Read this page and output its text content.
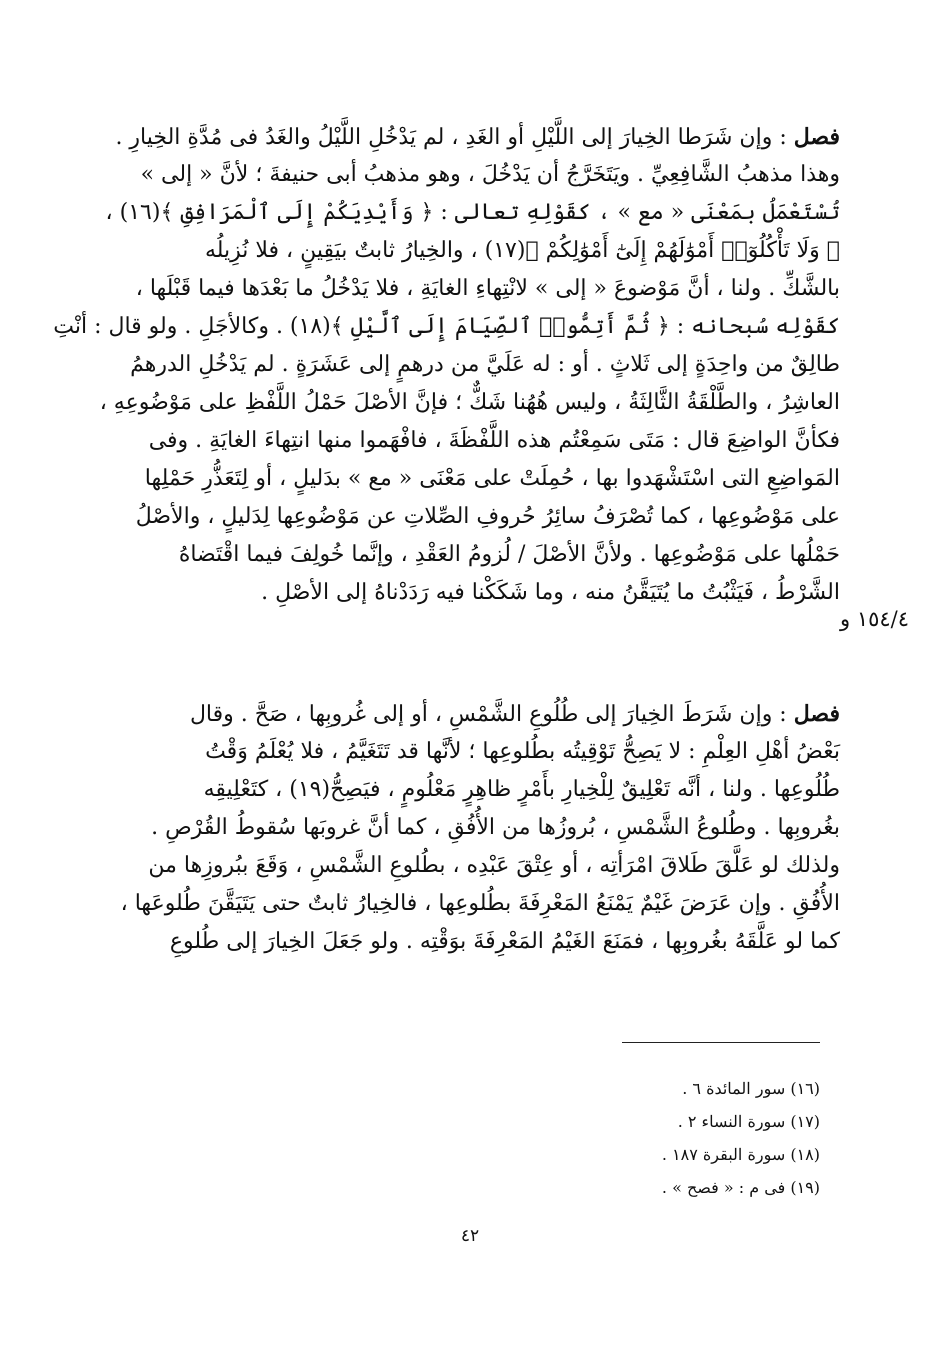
فصل : وإن شَرَطا الخِيارَ إلى اللَّيْلِ أو الغَدِ ، لم يَدْخُلِ اللَّيْلُ والغَدُ فى مُدَّةِ الخِيارِ .
وهذا مذهبُ الشَّافِعِيِّ . ويَتَخَرَّجُ أن يَدْخُلَ ، وهو مذهبُ أبى حنيفةَ ؛ لأنَّ « إلى »
تُسْتَعْمَلُ بمَعْنَى « مع » ، كقَوْلِهِ تعالى : ﴿ وَأَيْدِيَكُمْ إِلَى ٱلْمَرَافِقِ ﴾(١٦) ،
﴿ وَلَا تَأْكُلُوٓا۟ أَمْوَٰلَهُمْ إِلَىٰٓ أَمْوَٰلِكُمْ ﴾(١٧) ، والخِيارُ ثابتٌ بيَقِينٍ ، فلا نُزِيلُه
بالشَّكِّ . ولنا ، أنَّ مَوْضوعَ « إلى » لانْتِهاءِ الغايَةِ ، فلا يَدْخُلُ ما بَعْدَها فيما قَبْلَها ،
كقَوْلِه سُبحانه : ﴿ ثُمَّ أَتِمُّوا۟ ٱلصِّيَامَ إِلَى ٱلَّيْلِ ﴾(١٨) . وكالأجَلِ . ولو قال : أنْتِ
طالِقٌ من واحِدَةٍ إلى ثَلاثٍ . أو : له عَلَيَّ من درهمٍ إلى عَشَرَةٍ . لم يَدْخُلِ الدرهمُ
العاشِرُ ، والطَّلْقَةُ الثَّالِثَةُ ، وليس هُهُنا شَكٌّ ؛ فإنَّ الأصْلَ حَمْلُ اللَّفْظِ على مَوْضُوعِهِ ،
فكأنَّ الواضِعَ قال : مَتَى سَمِعْتُم هذه اللَّفْظَةَ ، فافْهَموا منها انتِهاءَ الغايَةِ . وفى
المَواضِعِ التى اسْتَشْهَدوا بها ، حُمِلَتْ على مَعْنَى « مع » بدَليلٍ ، أو لِتَعَذُّرِ حَمْلِها
على مَوْضُوعِها ، كما تُصْرَفُ سائِرُ حُروفِ الصِّلاتِ عن مَوْضُوعِها لِدَليلٍ ، والأصْلُ
حَمْلُها على مَوْضُوعِها . ولأنَّ الأصْلَ / لُزومُ العَقْدِ ، وإنَّما خُولِفَ فيما اقْتَضاهُ
الشَّرْطُ ، فَيَثْبُتُ ما يُتَيَقَّنُ منه ، وما شَكَكْنا فيه رَدَدْناهُ إلى الأصْلِ .
١٥٤/٤ و
فصل : وإن شَرَطَ الخِيارَ إلى طُلُوعِ الشَّمْسِ ، أو إلى غُروبِها ، صَحَّ . وقال
بَعْضُ أهْلِ العِلْمِ : لا يَصِحُّ تَوْقِيتُه بطُلوعِها ؛ لأنَّها قد تَتَغَيَّمُ ، فلا يُعْلَمُ وَقْتُ
طُلُوعِها . ولنا ، أنَّه تَعْلِيقٌ لِلْخِيارِ بأَمْرٍ ظاهِرٍ مَعْلُومٍ ، فيَصِحُّ(١٩) ، كتَعْلِيقِه
بغُروبِها . وطُلوعُ الشَّمْسِ ، بُروزُها من الأُفُقِ ، كما أنَّ غروبَها سُقوطُ القُرْصِ .
ولذلك لو عَلَّقَ طَلاقَ امْرَأتِه ، أو عِتْقَ عَبْدِه ، بطُلوعِ الشَّمْسِ ، وَقَعَ ببُروزِها من
الأُفُقِ . وإن عَرَضَ غَيْمٌ يَمْنَعُ المَعْرِفَةَ بطُلوعِها ، فالخِيارُ ثابتٌ حتى يَتَيَقَّنَ طُلوعَها ،
كما لو عَلَّقَهُ بغُروبِها ، فمَنَعَ الغَيْمُ المَعْرِفَةَ بوَقْتِه . ولو جَعَلَ الخِيارَ إلى طُلوعِ
(١٦) سور المائدة ٦ .
(١٧) سورة النساء ٢ .
(١٨) سورة البقرة ١٨٧ .
(١٩) فى م : « فصح » .
٤٢
